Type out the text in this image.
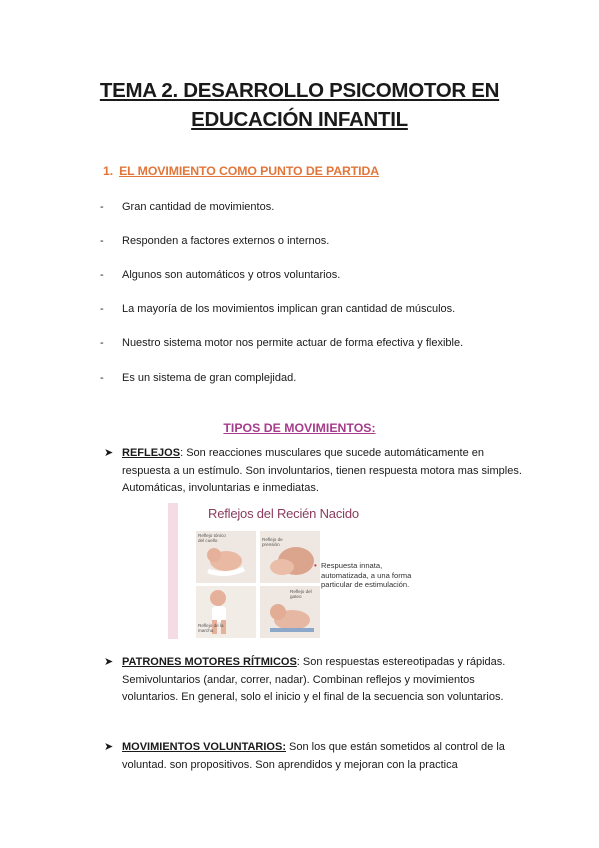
TEMA 2. DESARROLLO PSICOMOTOR EN
EDUCACIÓN INFANTIL
1. EL MOVIMIENTO COMO PUNTO DE PARTIDA
- Gran cantidad de movimientos.
- Responden a factores externos o internos.
- Algunos son automáticos y otros voluntarios.
- La mayoría de los movimientos implican gran cantidad de músculos.
- Nuestro sistema motor nos permite actuar de forma efectiva y flexible.
- Es un sistema de gran complejidad.
TIPOS DE MOVIMIENTOS:
➤ REFLEJOS: Son reacciones musculares que sucede automáticamente en respuesta a un estímulo. Son involuntarios, tienen respuesta motora mas simples. Automáticas, involuntarias e inmediatas.
Reflejos del Recién Nacido
Reflejo tónico del cuello	Reflejo de prensión
Reflejo de la marcha
Reflejo del gateo
• Respuesta innata, automatizada, a una forma particular de estimulación.
➤ PATRONES MOTORES RÍTMICOS: Son respuestas estereotipadas y rápidas. Semivoluntarios (andar, correr, nadar). Combinan reflejos y movimientos voluntarios. En general, solo el inicio y el final de la secuencia son voluntarios.
➤ MOVIMIENTOS VOLUNTARIOS: Son los que están sometidos al control de la voluntad. son propositivos. Son aprendidos y mejoran con la practica
